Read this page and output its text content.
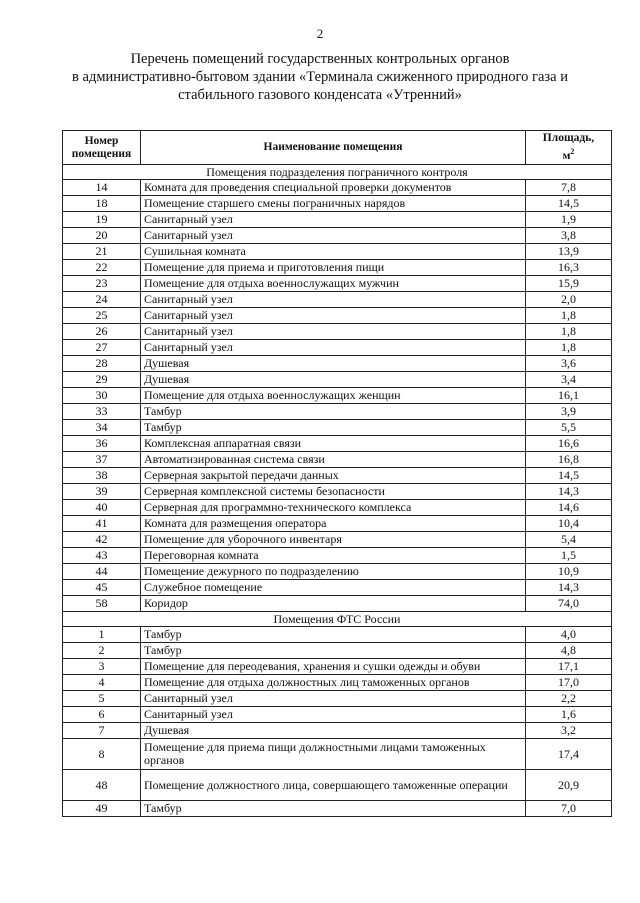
2
Перечень помещений государственных контрольных органов
в административно-бытовом здании «Терминала сжиженного природного газа и
стабильного газового конденсата «Утренний»
Номер помещения	Наименование помещения	Площадь,
$м^2$
Помещения подразделения пограничного контроля		
14	Комната для проведения специальной проверки документов	7,8
18	Помещение старшего смены пограничных нарядов	14,5
19	Санитарный узел	1,9
20	Санитарный узел	3,8
21	Сушильная комната	13,9
22	Помещение для приема и приготовления пищи	16,3
23	Помещение для отдыха военнослужащих мужчин	15,9
24	Санитарный узел	2,0
25	Санитарный узел	1,8
26	Санитарный узел	1,8
27	Санитарный узел	1,8
28	Душевая	3,6
29	Душевая	3,4
30	Помещение для отдыха военнослужащих женщин	16,1
33	Тамбур	3,9
34	Тамбур	5,5
36	Комплексная аппаратная связи	16,6
37	Автоматизированная система связи	16,8
38	Серверная закрытой передачи данных	14,5
39	Серверная комплексной системы безопасности	14,3
40	Серверная для программно-технического комплекса	14,6
41	Комната для размещения оператора	10,4
42	Помещение для уборочного инвентаря	5,4
43	Переговорная комната	1,5
44	Помещение дежурного по подразделению	10,9
45	Служебное помещение	14,3
58	Коридор	74,0
Помещения ФТС России		
1	Тамбур	4,0
2	Тамбур	4,8
3	Помещение для переодевания, хранения и сушки одежды и обуви	17,1
4	Помещение для отдыха должностных лиц таможенных органов	17,0
5	Санитарный узел	2,2
6	Санитарный узел	1,6
7	Душевая	3,2
8	Помещение для приема пищи должностными лицами таможенных органов	17,4
48	Помещение должностного лица, совершающего таможенные операции	20,9
49	Тамбур	7,0
